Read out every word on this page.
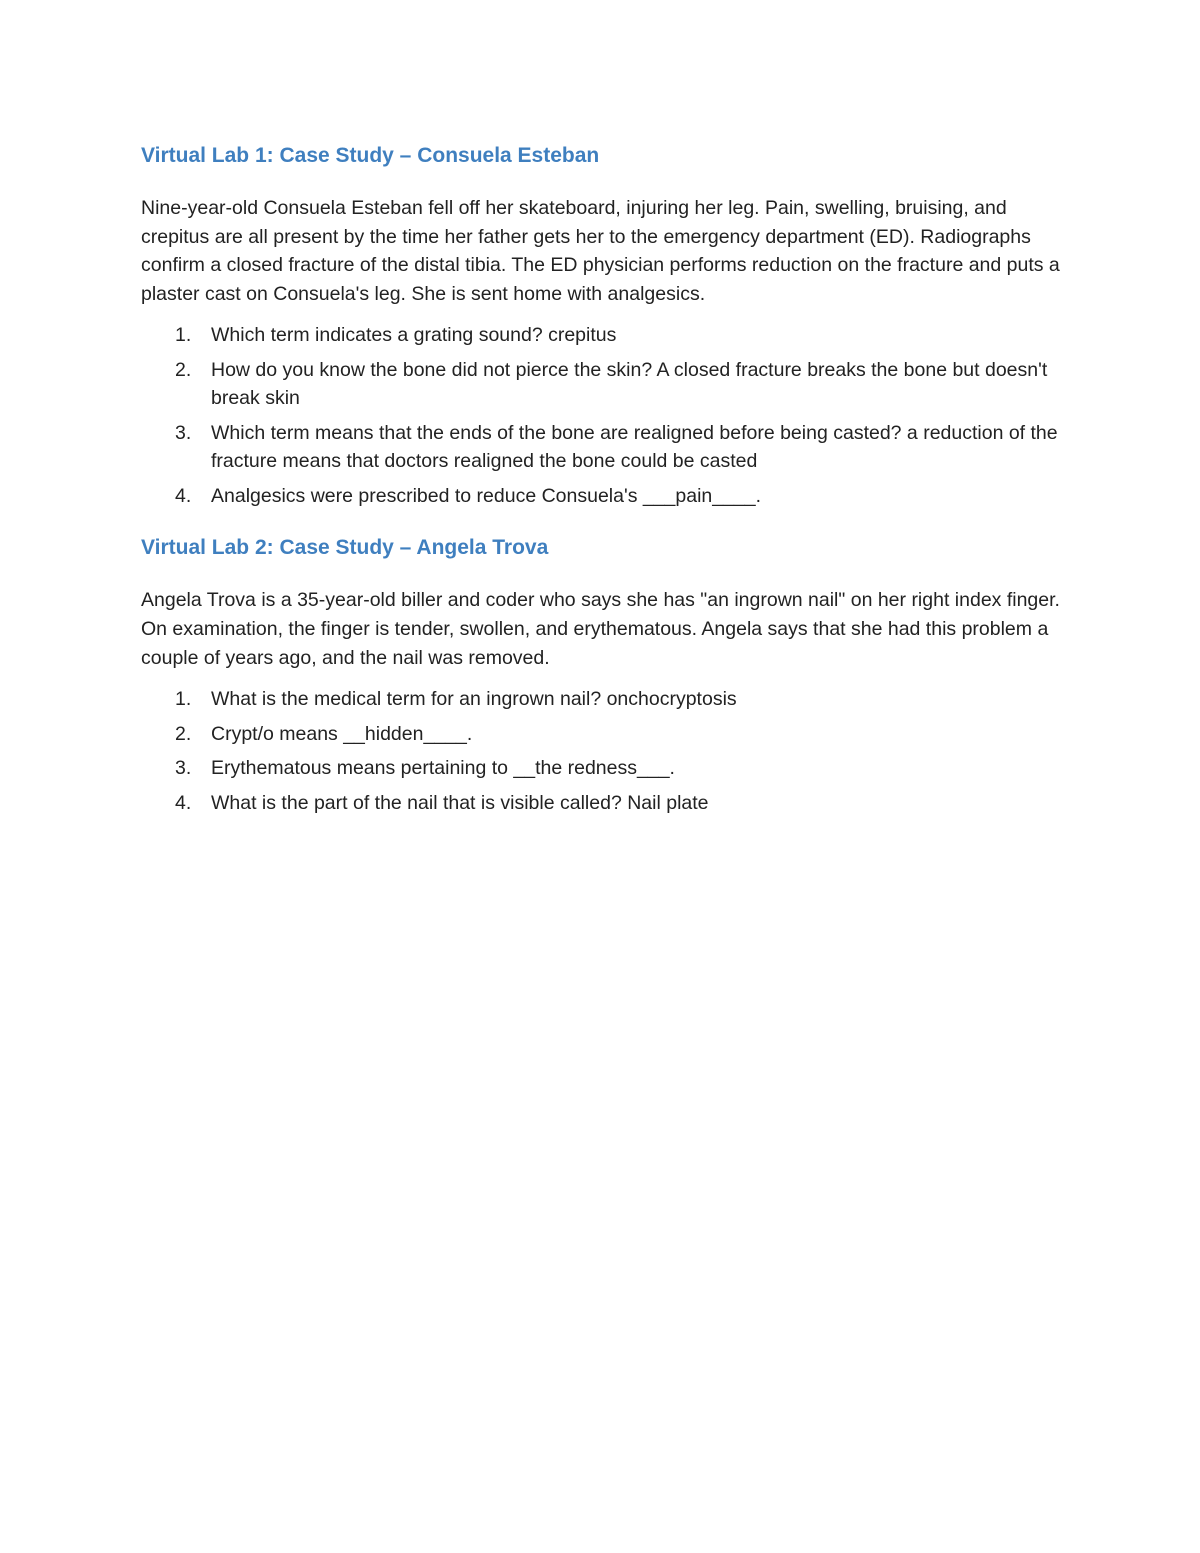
Virtual Lab 1: Case Study – Consuela Esteban

Nine-year-old Consuela Esteban fell off her skateboard, injuring her leg. Pain, swelling, bruising, and crepitus are all present by the time her father gets her to the emergency department (ED). Radiographs confirm a closed fracture of the distal tibia. The ED physician performs reduction on the fracture and puts a plaster cast on Consuela's leg. She is sent home with analgesics.

1. Which term indicates a grating sound? crepitus
2. How do you know the bone did not pierce the skin? A closed fracture breaks the bone but doesn't break skin
3. Which term means that the ends of the bone are realigned before being casted? a reduction of the fracture means that doctors realigned the bone could be casted
4. Analgesics were prescribed to reduce Consuela's ___pain____.
Virtual Lab 2: Case Study – Angela Trova

Angela Trova is a 35-year-old biller and coder who says she has "an ingrown nail" on her right index finger. On examination, the finger is tender, swollen, and erythematous. Angela says that she had this problem a couple of years ago, and the nail was removed.

1. What is the medical term for an ingrown nail? onchocryptosis
2. Crypt/o means __hidden____.
3. Erythematous means pertaining to __the redness___.
4. What is the part of the nail that is visible called? Nail plate
